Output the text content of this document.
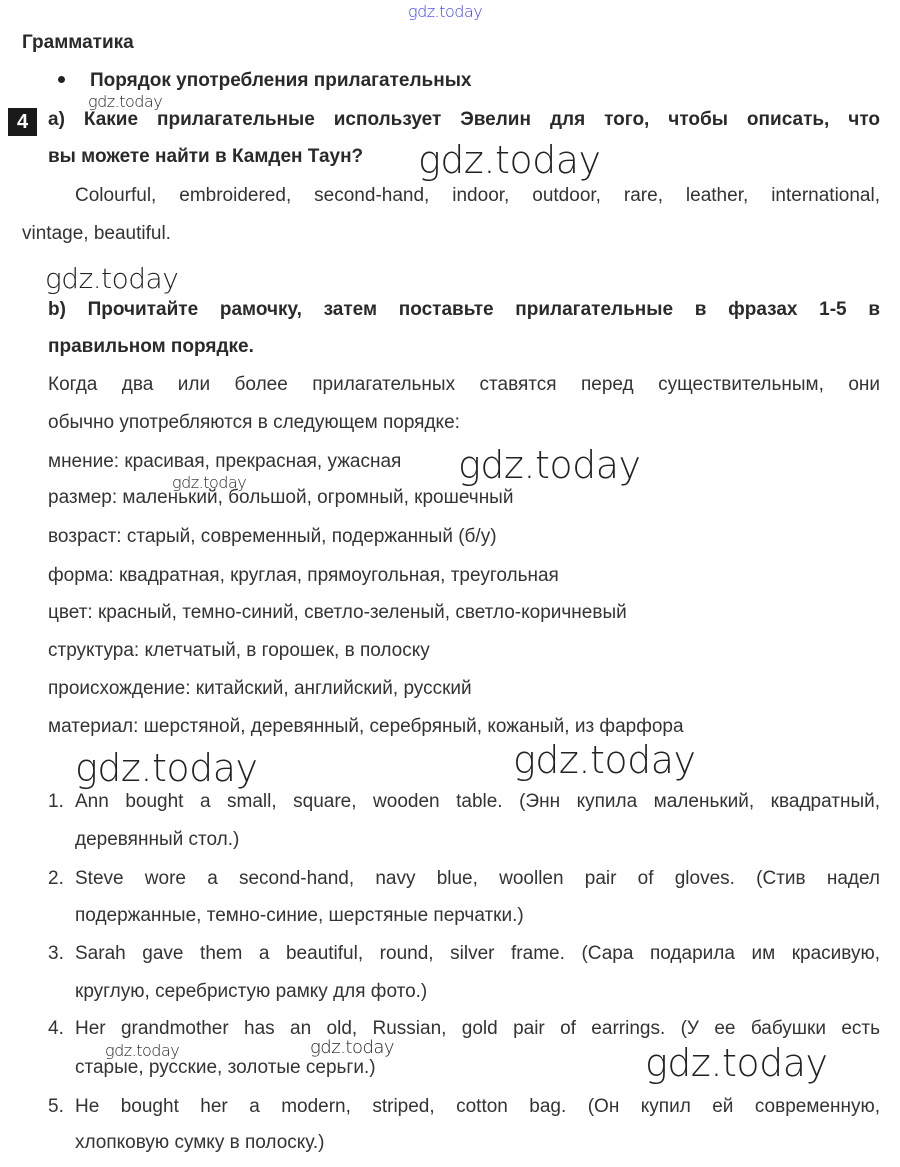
gdz.today
Грамматика
Порядок употребления прилагательных
gdz.today
4	а) Какие прилагательные использует Эвелин для того, чтобы описать, что
вы можете найти в Камден Таун? gdz.today
Colourful, embroidered, second-hand, indoor, outdoor, rare, leather, international,
vintage, beautiful.
gdz.today
b) Прочитайте рамочку, затем поставьте прилагательные в фразах 1-5 в
правильном порядке.
Когда два или более прилагательных ставятся перед существительным, они
обычно употребляются в следующем порядке:
мнение: красивая, прекрасная, ужасная gdz.today
gdz.today
размер: маленький, большой, огромный, крошечный
возраст: старый, современный, подержанный (б/у)
форма: квадратная, круглая, прямоугольная, треугольная
цвет: красный, темно-синий, светло-зеленый, светло-коричневый
структура: клетчатый, в горошек, в полоску
происхождение: китайский, английский, русский
материал: шерстяной, деревянный, серебряный, кожаный, из фарфора
gdz.today	gdz.today
1. Ann bought a small, square, wooden table. (Энн купила маленький, квадратный,
деревянный стол.)
2. Steve wore a second-hand, navy blue, woollen pair of gloves. (Стив надел
подержанные, темно-синие, шерстяные перчатки.)
3. Sarah gave them a beautiful, round, silver frame. (Сара подарила им красивую,
круглую, серебристую рамку для фото.)
4. Her grandmother has an old, Russian, gold pair of earrings. (У ее бабушки есть
gdz.today	gdz.today
старые, русские, золотые серьги.)	gdz.today
5. He bought her a modern, striped, cotton bag. (Он купил ей современную,
хлопковую сумку в полоску.)
